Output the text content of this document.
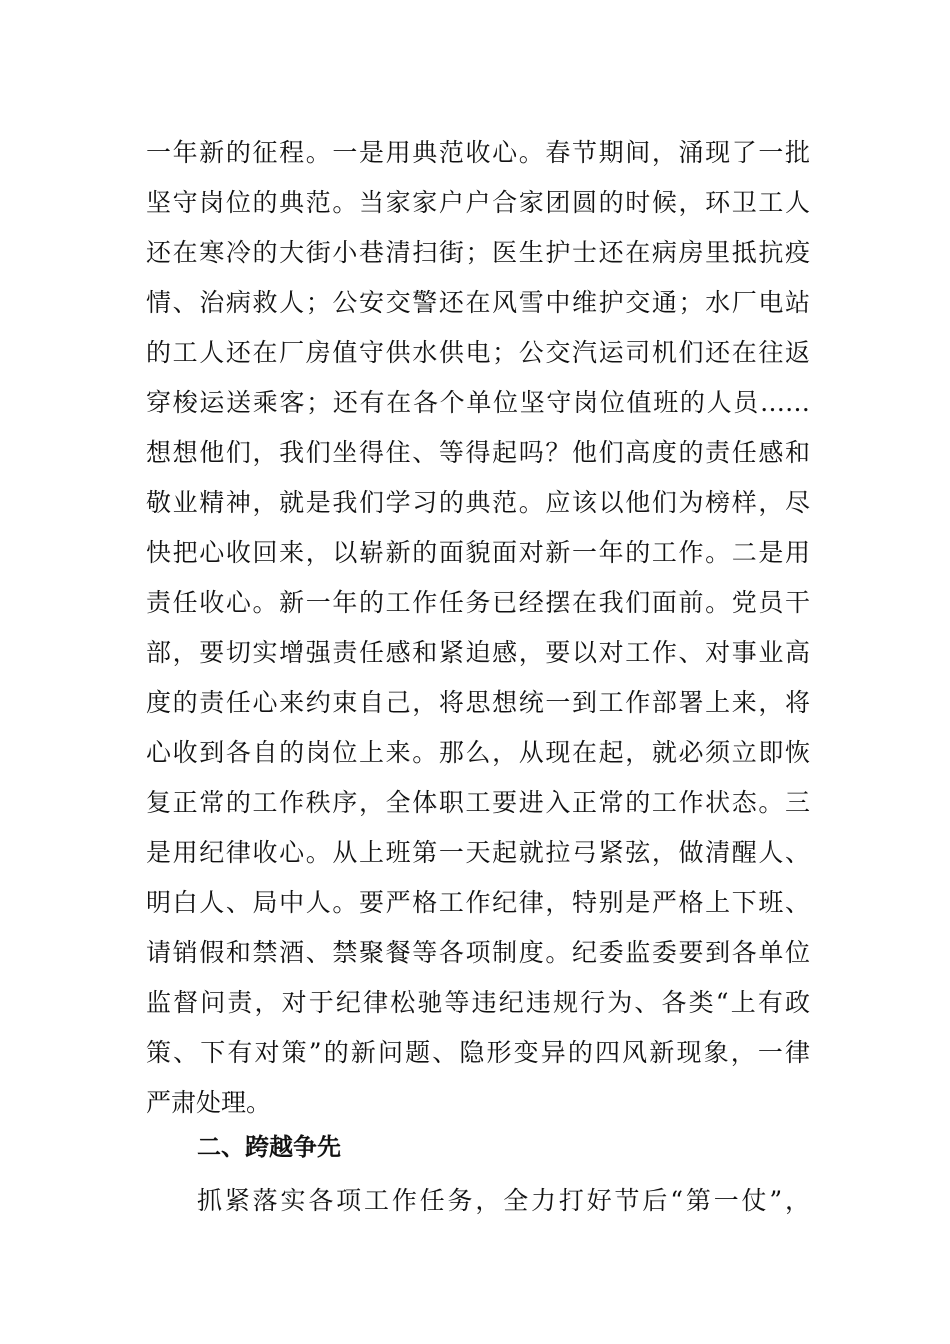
一年新的征程。一是用典范收心。春节期间，涌现了一批
坚守岗位的典范。当家家户户合家团圆的时候，环卫工人
还在寒冷的大街小巷清扫街；医生护士还在病房里抵抗疫
情、治病救人；公安交警还在风雪中维护交通；水厂电站
的工人还在厂房值守供水供电；公交汽运司机们还在往返
穿梭运送乘客；还有在各个单位坚守岗位值班的人员……
想想他们，我们坐得住、等得起吗？他们高度的责任感和
敬业精神，就是我们学习的典范。应该以他们为榜样，尽
快把心收回来，以崭新的面貌面对新一年的工作。二是用
责任收心。新一年的工作任务已经摆在我们面前。党员干
部，要切实增强责任感和紧迫感，要以对工作、对事业高
度的责任心来约束自己，将思想统一到工作部署上来，将
心收到各自的岗位上来。那么，从现在起，就必须立即恢
复正常的工作秩序，全体职工要进入正常的工作状态。三
是用纪律收心。从上班第一天起就拉弓紧弦，做清醒人、
明白人、局中人。要严格工作纪律，特别是严格上下班、
请销假和禁酒、禁聚餐等各项制度。纪委监委要到各单位
监督问责，对于纪律松驰等违纪违规行为、各类“上有政
策、下有对策”的新问题、隐形变异的四风新现象，一律
严肃处理。
二、跨越争先
抓紧落实各项工作任务，全力打好节后“第一仗”，
